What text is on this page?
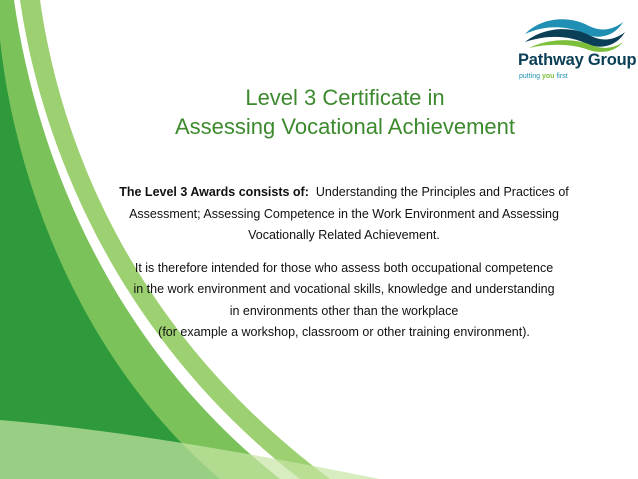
Pathway Group
putting you first
Level 3 Certificate in
Assessing Vocational Achievement
The Level 3 Awards consists of:  Understanding the Principles and Practices of
Assessment; Assessing Competence in the Work Environment and Assessing
Vocationally Related Achievement.
It is therefore intended for those who assess both occupational competence
in the work environment and vocational skills, knowledge and understanding
in environments other than the workplace
(for example a workshop, classroom or other training environment).
